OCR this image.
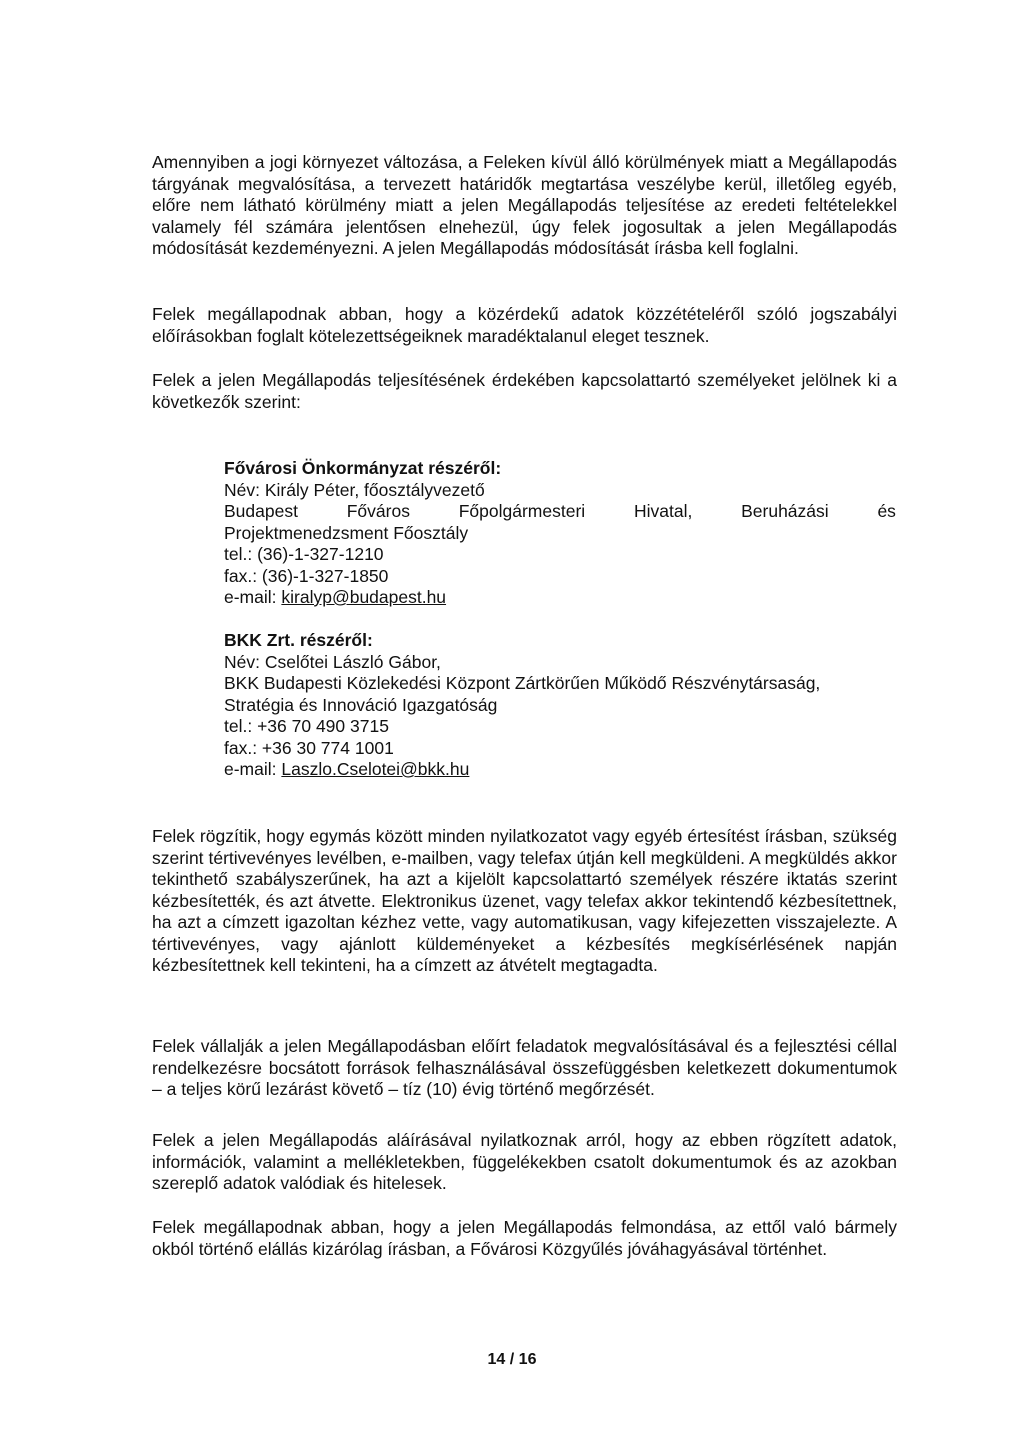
Amennyiben a jogi környezet változása, a Feleken kívül álló körülmények miatt a Megállapodás tárgyának megvalósítása, a tervezett határidők megtartása veszélybe kerül, illetőleg egyéb, előre nem látható körülmény miatt a jelen Megállapodás teljesítése az eredeti feltételekkel valamely fél számára jelentősen elnehezül, úgy felek jogosultak a jelen Megállapodás módosítását kezdeményezni. A jelen Megállapodás módosítását írásba kell foglalni.

Felek megállapodnak abban, hogy a közérdekű adatok közzétételéről szóló jogszabályi előírásokban foglalt kötelezettségeiknek maradéktalanul eleget tesznek.

Felek a jelen Megállapodás teljesítésének érdekében kapcsolattartó személyeket jelölnek ki a következők szerint:

Fővárosi Önkormányzat részéről:
Név: Király Péter, főosztályvezető
Budapest	Főváros	Főpolgármesteri	Hivatal,	Beruházási	és
Projektmenedzsment Főosztály
tel.: (36)-1-327-1210
fax.: (36)-1-327-1850
e-mail: kiralyp@budapest.hu
BKK Zrt. részéről:
Név: Cselőtei László Gábor,
BKK Budapesti Közlekedési Központ Zártkörűen Működő Részvénytársaság,
Stratégia és Innováció Igazgatóság
tel.: +36 70 490 3715
fax.: +36 30 774 1001
e-mail: Laszlo.Cselotei@bkk.hu

Felek rögzítik, hogy egymás között minden nyilatkozatot vagy egyéb értesítést írásban, szükség szerint tértivevényes levélben, e-mailben, vagy telefax útján kell megküldeni. A megküldés akkor tekinthető szabályszerűnek, ha azt a kijelölt kapcsolattartó személyek részére iktatás szerint kézbesítették, és azt átvette. Elektronikus üzenet, vagy telefax akkor tekintendő kézbesítettnek, ha azt a címzett igazoltan kézhez vette, vagy automatikusan, vagy kifejezetten visszajelezte. A tértivevényes, vagy ajánlott küldeményeket a kézbesítés megkísérlésének napján kézbesítettnek kell tekinteni, ha a címzett az átvételt megtagadta.

Felek vállalják a jelen Megállapodásban előírt feladatok megvalósításával és a fejlesztési céllal rendelkezésre bocsátott források felhasználásával összefüggésben keletkezett dokumentumok – a teljes körű lezárást követő – tíz (10) évig történő megőrzését.

Felek a jelen Megállapodás aláírásával nyilatkoznak arról, hogy az ebben rögzített adatok, információk, valamint a mellékletekben, függelékekben csatolt dokumentumok és az azokban szereplő adatok valódiak és hitelesek.

Felek megállapodnak abban, hogy a jelen Megállapodás felmondása, az ettől való bármely okból történő elállás kizárólag írásban, a Fővárosi Közgyűlés jóváhagyásával történhet.

14 / 16
